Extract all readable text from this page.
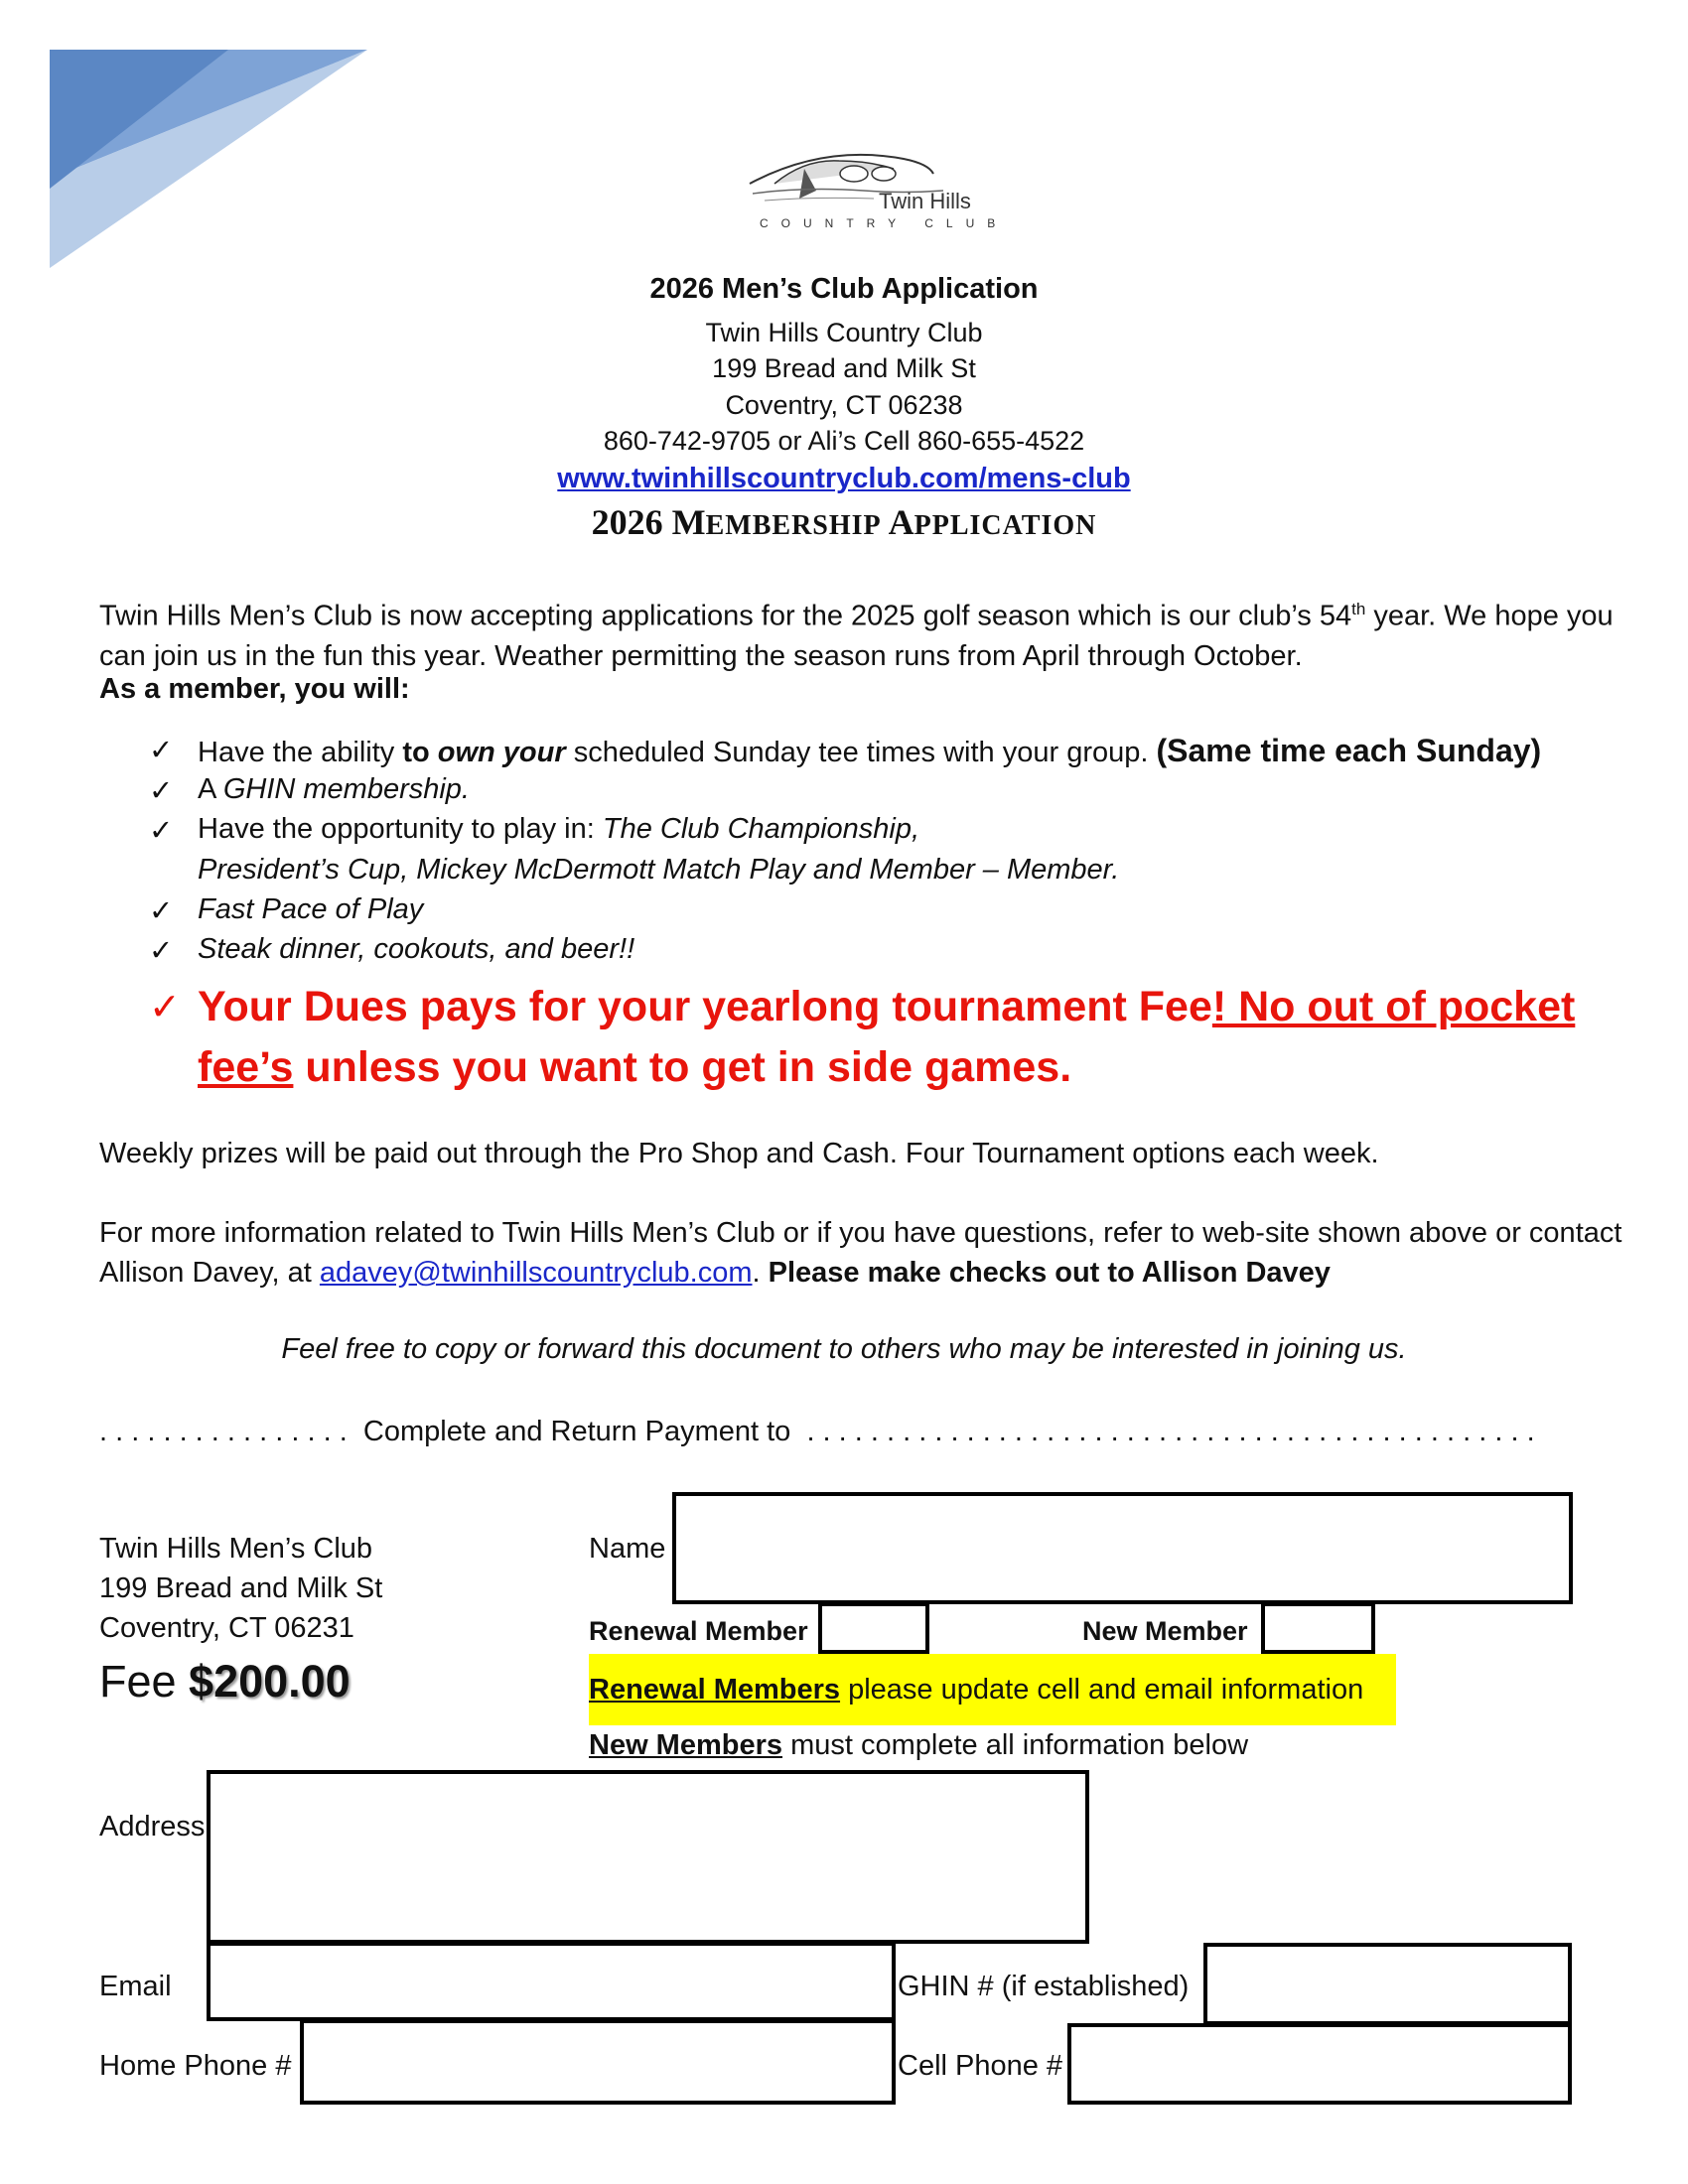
Twin Hills
COUNTRY CLUB
2026 Men’s Club Application
Twin Hills Country Club
199 Bread and Milk St
Coventry, CT 06238
860-742-9705 or Ali’s Cell 860-655-4522
www.twinhillscountryclub.com/mens-club
2026 MEMBERSHIP APPLICATION
Twin Hills Men’s Club is now accepting applications for the 2025 golf season which is our club’s 54th year. We hope you can join us in the fun this year. Weather permitting the season runs from April through October.
As a member, you will:
✓ Have the ability to own your scheduled Sunday tee times with your group. (Same time each Sunday)
✓ A GHIN membership.
✓ Have the opportunity to play in: The Club Championship,
President’s Cup, Mickey McDermott Match Play and Member – Member.
✓ Fast Pace of Play
✓ Steak dinner, cookouts, and beer!!
✓ Your Dues pays for your yearlong tournament Fee! No out of pocket
fee’s unless you want to get in side games.
Weekly prizes will be paid out through the Pro Shop and Cash. Four Tournament options each week.
For more information related to Twin Hills Men’s Club or if you have questions, refer to web-site shown above or contact Allison Davey, at adavey@twinhillscountryclub.com. Please make checks out to Allison Davey
Feel free to copy or forward this document to others who may be interested in joining us.
. . . . . . . . . . . . . . . . Complete and Return Payment to . . . . . . . . . . . . . . . . . . . . . . . . . . . . . . . . . . . . . . . . . . . . . .
Twin Hills Men’s Club
199 Bread and Milk St
Coventry, CT 06231
Fee $200.00
Name
Renewal Member	New Member
Renewal Members please update cell and email information
New Members must complete all information below
Address
Email	GHIN # (if established)
Home Phone #	Cell Phone #
